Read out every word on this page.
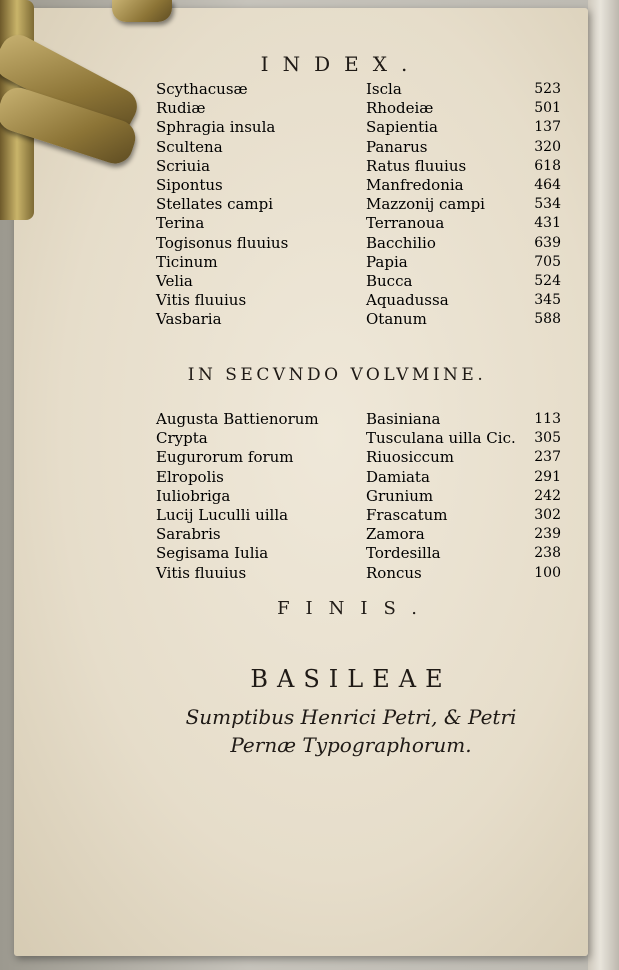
INDEX.
Scythacusæ	Iscla	523
Rudiæ	Rhodeiæ	501
Sphragia insula	Sapientia	137
Scultena	Panarus	320
Scriuia	Ratus fluuius	618
Sipontus	Manfredonia	464
Stellates campi	Mazzonij campi	534
Terina	Terranoua	431
Togisonus fluuius	Bacchilio	639
Ticinum	Papia	705
Velia	Bucca	524
Vitis fluuius	Aquadussa	345
Vasbaria	Otanum	588
IN SECVNDO VOLVMINE.
Augusta Battienorum	Basiniana	113
Crypta	Tusculana uilla Cic. 305
Eugurorum forum	Riuosiccum	237
Elropolis	Damiata	291
Iuliobriga	Grunium	242
Lucij Luculli uilla	Frascatum	302
Sarabris	Zamora	239
Segisama Iulia	Tordesilla	238
Vitis fluuius	Roncus	100
FINIS.
BASILEAE
Sumptibus Henrici Petri, & Petri
Pernæ Typographorum.
